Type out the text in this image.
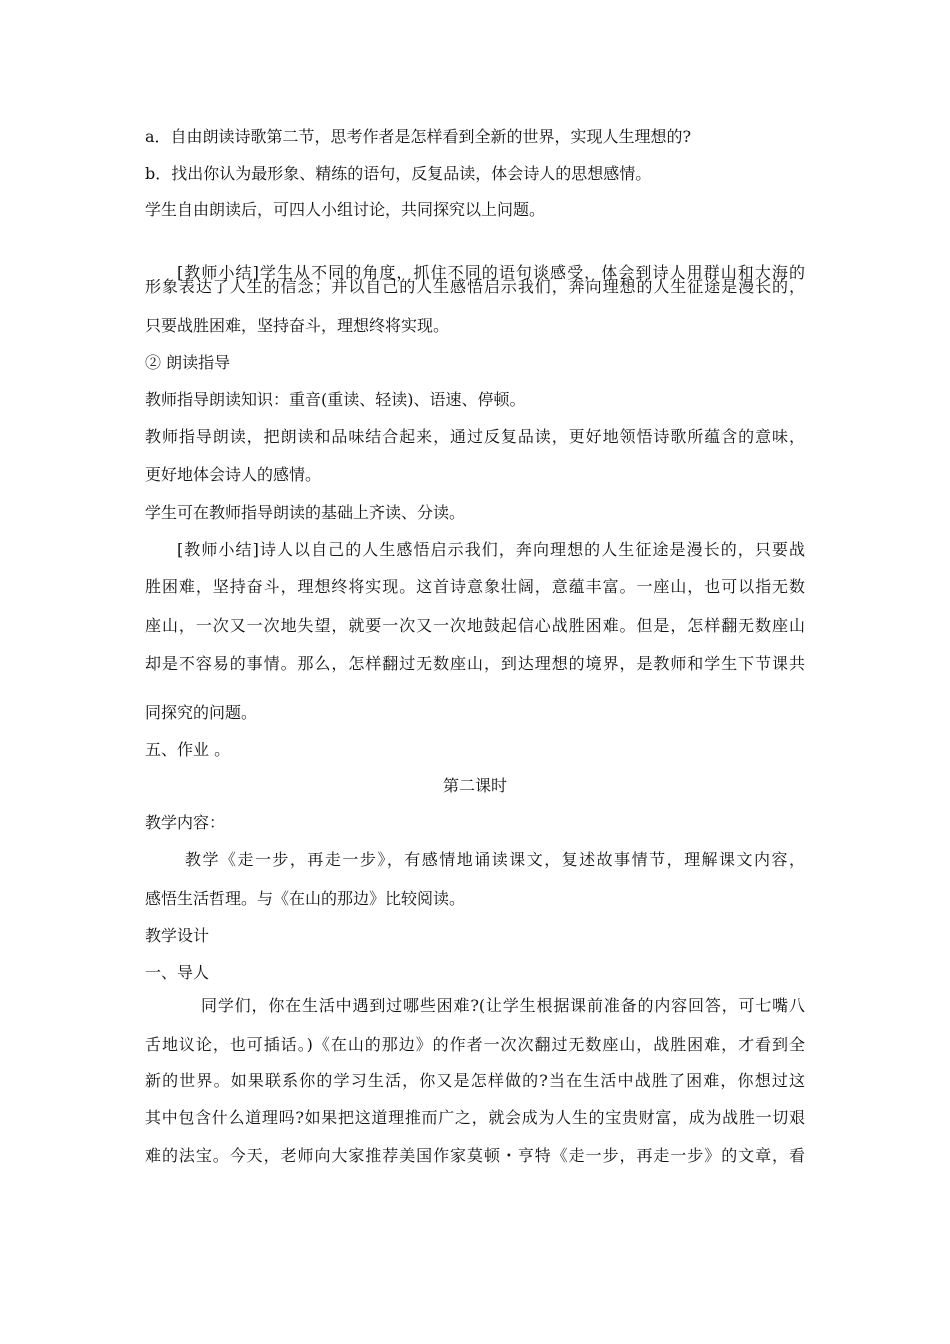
a．自由朗读诗歌第二节，思考作者是怎样看到全新的世界，实现人生理想的?

b．找出你认为最形象、精练的语句，反复品读，体会诗人的思想感情。

学生自由朗读后，可四人小组讨论，共同探究以上问题。

[教师小结]学生从不同的角度，抓住不同的语句谈感受，体会到诗人用群山和大海的

形象表达了人生的信念；并以自己的人生感悟启示我们，奔向理想的人生征途是漫长的，

只要战胜困难，坚持奋斗，理想终将实现。

② 朗读指导

教师指导朗读知识：重音(重读、轻读)、语速、停顿。

教师指导朗读，把朗读和品味结合起来，通过反复品读，更好地领悟诗歌所蕴含的意味，

更好地体会诗人的感情。

学生可在教师指导朗读的基础上齐读、分读。

[教师小结]诗人以自己的人生感悟启示我们，奔向理想的人生征途是漫长的，只要战

胜困难，坚持奋斗，理想终将实现。这首诗意象壮阔，意蕴丰富。一座山，也可以指无数

座山，一次又一次地失望，就要一次又一次地鼓起信心战胜困难。但是，怎样翻无数座山

却是不容易的事情。那么，怎样翻过无数座山，到达理想的境界，是教师和学生下节课共

同探究的问题。

五、作业 。

第二课时

教学内容：

教学《走一步，再走一步》，有感情地诵读课文，复述故事情节，理解课文内容，

感悟生活哲理。与《在山的那边》比较阅读。

教学设计

一、导人

同学们，你在生活中遇到过哪些困难?(让学生根据课前准备的内容回答，可七嘴八

舌地议论，也可插话。)《在山的那边》的作者一次次翻过无数座山，战胜困难，才看到全

新的世界。如果联系你的学习生活，你又是怎样做的?当在生活中战胜了困难，你想过这

其中包含什么道理吗?如果把这道理推而广之，就会成为人生的宝贵财富，成为战胜一切艰

难的法宝。今天，老师向大家推荐美国作家莫顿・亨特《走一步，再走一步》的文章，看
